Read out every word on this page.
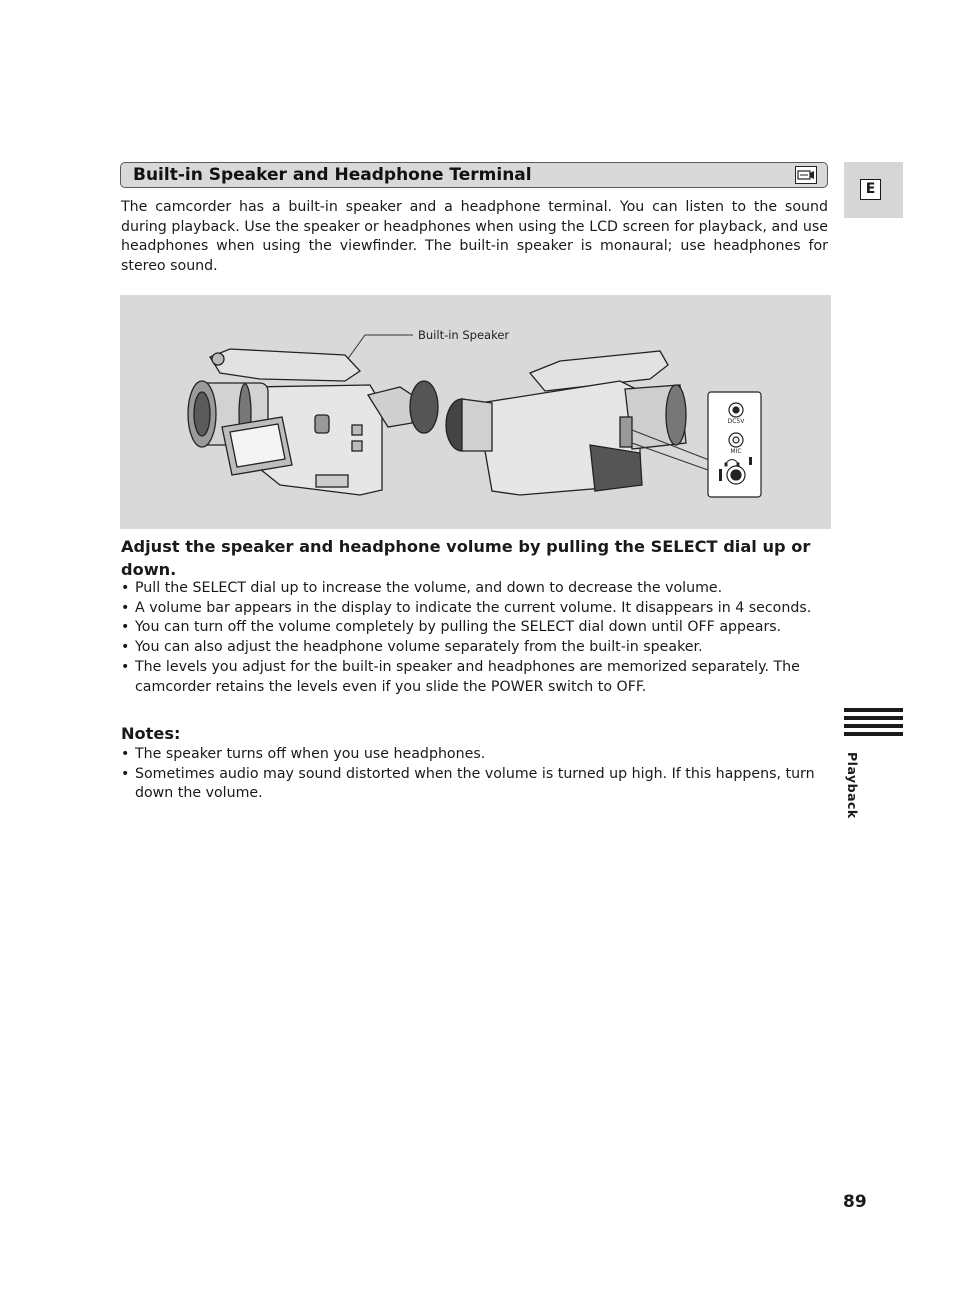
Built-in Speaker and Headphone Terminal
E

The camcorder has a built-in speaker and a headphone terminal. You can listen to the sound during playback. Use the speaker or headphones when using the LCD screen for playback, and use headphones when using the viewfinder. The built-in speaker is monaural; use headphones for stereo sound.

DC5V
MIC
Built-in Speaker
Adjust the speaker and headphone volume by pulling the SELECT dial up or down.
• Pull the SELECT dial up to increase the volume, and down to decrease the volume.
• A volume bar appears in the display to indicate the current volume. It disappears in 4 seconds.
• You can turn off the volume completely by pulling the SELECT dial down until OFF appears.
• You can also adjust the headphone volume separately from the built-in speaker.
• The levels you adjust for the built-in speaker and headphones are memorized separately. The camcorder retains the levels even if you slide the POWER switch to OFF.
Notes:
• The speaker turns off when you use headphones.
• Sometimes audio may sound distorted when the volume is turned up high. If this happens, turn down the volume.	Playback
89
